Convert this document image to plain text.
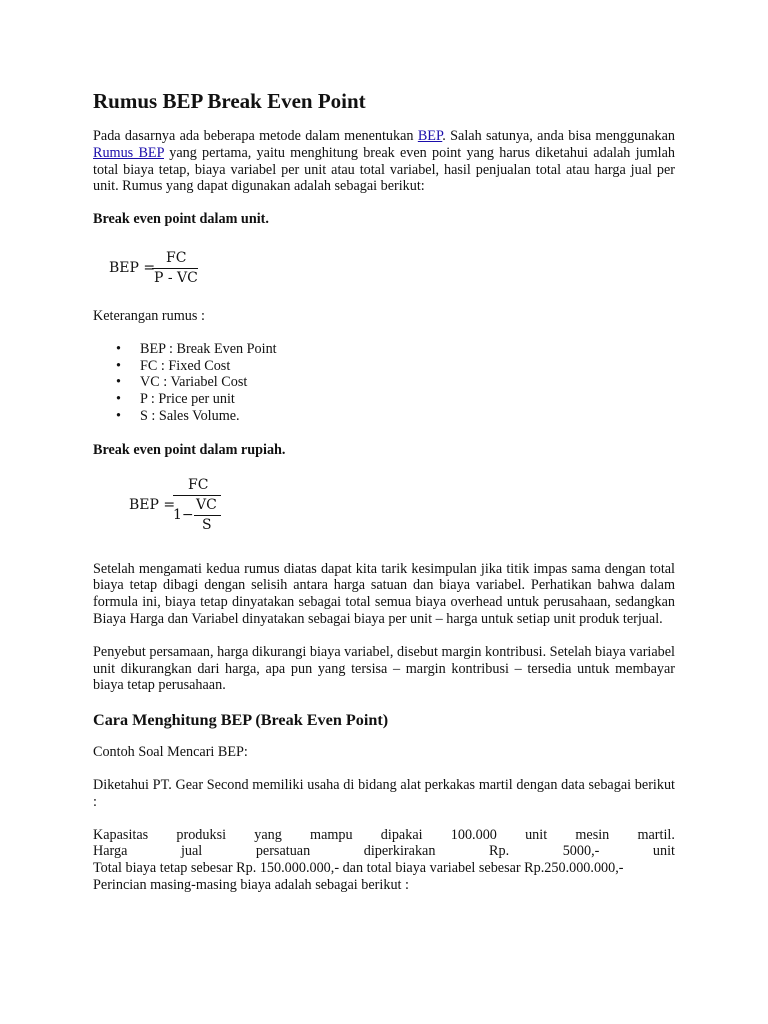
Rumus BEP Break Even Point

Pada dasarnya ada beberapa metode dalam menentukan BEP. Salah satunya, anda bisa menggunakan Rumus BEP yang pertama, yaitu menghitung break even point yang harus diketahui adalah jumlah total biaya tetap, biaya variabel per unit atau total variabel, hasil penjualan total atau harga jual per unit. Rumus yang dapat digunakan adalah sebagai berikut:

Break even point dalam unit.

BEP =
FC
P - VC

Keterangan rumus :

• BEP : Break Even Point
• FC : Fixed Cost
• VC : Variabel Cost
• P : Price per unit
• S : Sales Volume.

Break even point dalam rupiah.

BEP =
FC
1−
VC
S

Setelah mengamati kedua rumus diatas dapat kita tarik kesimpulan jika titik impas sama dengan total biaya tetap dibagi dengan selisih antara harga satuan dan biaya variabel. Perhatikan bahwa dalam formula ini, biaya tetap dinyatakan sebagai total semua biaya overhead untuk perusahaan, sedangkan Biaya Harga dan Variabel dinyatakan sebagai biaya per unit – harga untuk setiap unit produk terjual.

Penyebut persamaan, harga dikurangi biaya variabel, disebut margin kontribusi. Setelah biaya variabel unit dikurangkan dari harga, apa pun yang tersisa – margin kontribusi – tersedia untuk membayar biaya tetap perusahaan.

Cara Menghitung BEP (Break Even Point)

Contoh Soal Mencari BEP:

Diketahui PT. Gear Second memiliki usaha di bidang alat perkakas martil dengan data sebagai berikut :

Kapasitas produksi yang mampu dipakai 100.000 unit mesin martil.
Harga	jual	persatuan	diperkirakan	Rp.	5000,-	unit
Total biaya tetap sebesar Rp. 150.000.000,- dan total biaya variabel sebesar Rp.250.000.000,-
Perincian masing-masing biaya adalah sebagai berikut :
